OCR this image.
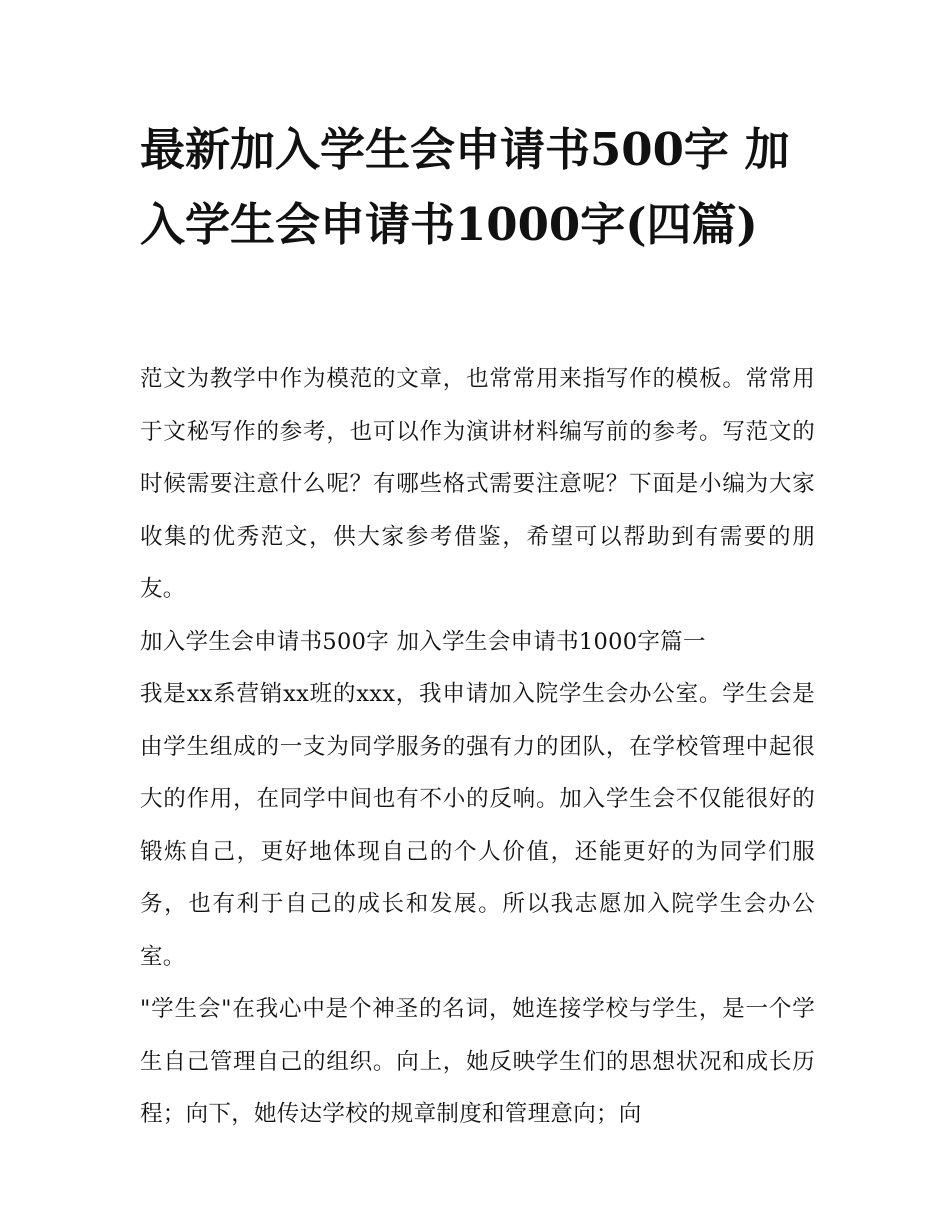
最新加入学生会申请书500字 加入学生会申请书1000字(四篇)

范文为教学中作为模范的文章，也常常用来指写作的模板。常常用于文秘写作的参考，也可以作为演讲材料编写前的参考。写范文的时候需要注意什么呢？有哪些格式需要注意呢？下面是小编为大家收集的优秀范文，供大家参考借鉴，希望可以帮助到有需要的朋友。

加入学生会申请书500字 加入学生会申请书1000字篇一

我是xx系营销xx班的xxx，我申请加入院学生会办公室。学生会是由学生组成的一支为同学服务的强有力的团队，在学校管理中起很大的作用，在同学中间也有不小的反响。加入学生会不仅能很好的锻炼自己，更好地体现自己的个人价值，还能更好的为同学们服务，也有利于自己的成长和发展。所以我志愿加入院学生会办公室。

"学生会"在我心中是个神圣的名词，她连接学校与学生，是一个学生自己管理自己的组织。向上，她反映学生们的思想状况和成长历程；向下，她传达学校的规章制度和管理意向；向
